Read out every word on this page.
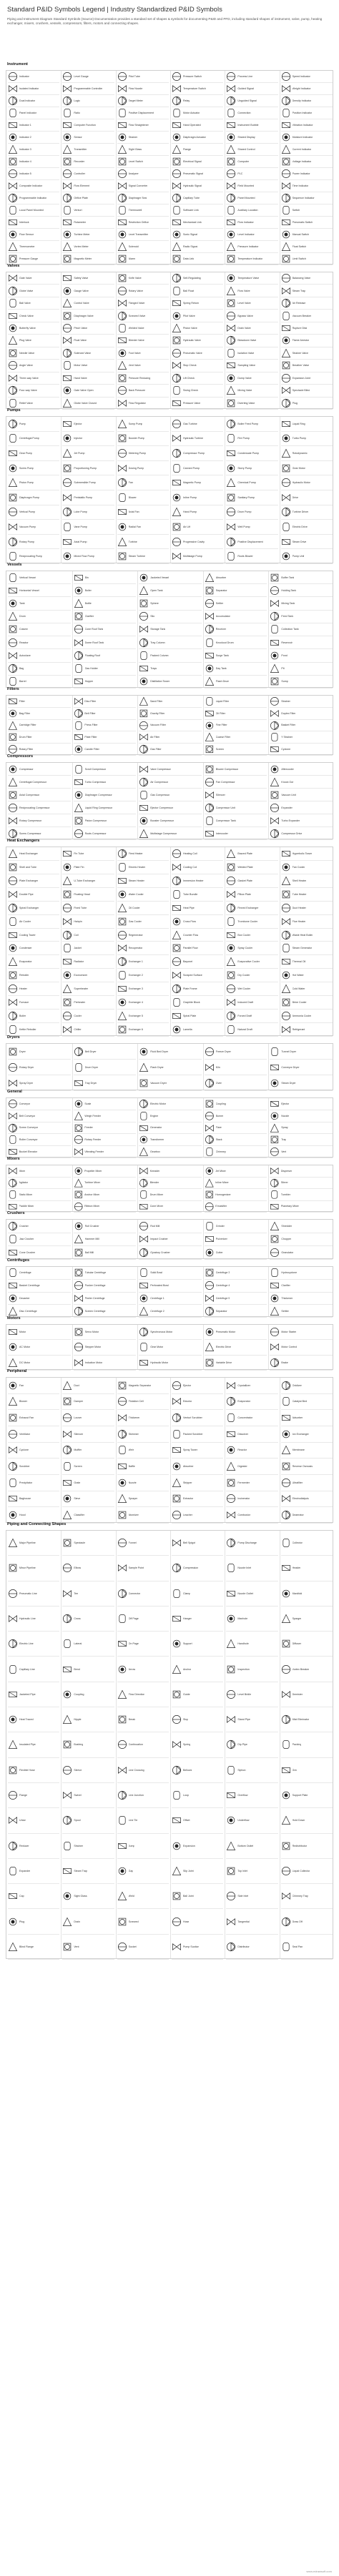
Standard P&ID Symbols Legend | Industry Standardized P&ID Symbols
Piping and Instrument Diagram Standard Symbols (Source) Documentation provides a standard set of shapes & symbols for documenting P&ID and PFD, including standard shapes of instrument, valve, pump, heating exchanger, mixers, crushers, vessels, compressors, filters, motors and connecting shapes.
Instrument
Indicator
Isolated Indicator
Dual Indicator
Panel Indicator
Indicator 1
Indicator 2
Indicator 3
Indicator 4
Indicator 5
Composite Indicator
Programmable Indicator
Local Panel Mounted
Interlock
Flow Sensor
Thermometer
Pressure Gauge
Level Gauge
Programmable Controller
Logic
Ratio
Computer Function
Sensor
Transmitter
Recorder
Controller
Flow Element
Orifice Plate
Venturi
Rotameter
Turbine Meter
Vortex Meter
Magnetic Meter
Pitot Tube
Flow Nozzle
Target Meter
Positive Displacement
Flow Straightener
Strainer
Sight Glass
Level Switch
Analyzer
Signal Converter
Diaphragm Seal
Thermowell
Restriction Orifice
Level Transmitter
Solenoid
Alarm
Pressure Switch
Temperature Switch
Relay
Motor Actuator
Hand Operated
Diaphragm Actuator
Flange
Electrical Signal
Pneumatic Signal
Hydraulic Signal
Capillary Tube
Software Link
Mechanical Link
Sonic Signal
Radio Signal
Data Link
Process Line
Guided Signal
Unguided Signal
Connection
Instrument Bubble
Shared Display
Shared Control
Computer
PLC
Field Mounted
Panel Mounted
Auxiliary Location
Flow Indicator
Level Indicator
Pressure Indicator
Temperature Indicator
Speed Indicator
Weight Indicator
Density Indicator
Position Indicator
Vibration Indicator
Moisture Indicator
Current Indicator
Voltage Indicator
Power Indicator
Time Indicator
Sequence Indicator
Switch
Pneumatic Switch
Manual Switch
Float Switch
Limit Switch
Valves
Gate Valve
Globe Valve
Ball Valve
Check Valve
Butterfly Valve
Plug Valve
Needle Valve
Angle Valve
Three-way Valve
Four-way Valve
Relief Valve
Safety Valve
Gauge Valve
Control Valve
Diaphragm Valve
Pinch Valve
Float Valve
Solenoid Valve
Motor Valve
Hand Valve
Gate Valve Open
Globe Valve Closed
Knife Valve
Rotary Valve
Flanged Valve
Screwed Valve
Welded Valve
Bleeder Valve
Foot Valve
Vent Valve
Pressure Reducing
Back Pressure
Flow Regulator
Self-Regulating
Ball Float
Spring Return
Pilot Valve
Piston Valve
Hydraulic Valve
Pneumatic Valve
Stop Check
Lift Check
Swing Check
Pressure Valve
Temperature Valve
Flow Valve
Level Valve
Bypass Valve
Drain Valve
Blowdown Valve
Isolation Valve
Sampling Valve
Dump Valve
Mixing Valve
Diverting Valve
Balancing Valve
Steam Trap
Air Release
Vacuum Breaker
Rupture Disk
Flame Arrestor
Strainer Valve
Breather Valve
Expansion Joint
Spectacle Blind
Plug
Pumps
Pump
Centrifugal Pump
Gear Pump
Screw Pump
Piston Pump
Diaphragm Pump
Vertical Pump
Vacuum Pump
Rotary Pump
Reciprocating Pump
Ejector
Injector
Jet Pump
Proportioning Pump
Submersible Pump
Peristaltic Pump
Lobe Pump
Vane Pump
Axial Pump
Mixed Flow Pump
Sump Pump
Booster Pump
Metering Pump
Dosing Pump
Fan
Blower
Axial Fan
Radial Fan
Turbine
Steam Turbine
Gas Turbine
Hydraulic Turbine
Compressor Pump
Canned Pump
Magnetic Pump
Inline Pump
Hand Pump
Air Lift
Progressive Cavity
Multistage Pump
Boiler Feed Pump
Fire Pump
Condensate Pump
Slurry Pump
Chemical Pump
Sanitary Pump
Drum Pump
Well Pump
Positive Displacement
Roots Blower
Liquid Ring
Turbo Pump
Rotodynamic
Gear Motor
Hydraulic Motor
Drive
Turbine Driver
Electric Drive
Steam Drive
Pump Unit
Vessels
Vertical Vessel
Horizontal Vessel
Tank
Drum
Column
Reactor
Autoclave
Bag
Barrel
Bin
Boiler
Bottle
Clarifier
Cone Roof Tank
Dome Roof Tank
Floating Roof
Gas Holder
Hopper
Jacketed Vessel
Open Tank
Sphere
Silo
Storage Tank
Tray Column
Packed Column
Trays
Distillation Tower
Absorber
Separator
Settler
Accumulator
Receiver
Knockout Drum
Surge Tank
Day Tank
Flash Drum
Buffer Tank
Holding Tank
Mixing Tank
Feed Tank
Collection Tank
Reservoir
Pond
Pit
Sump
Filters
Filter
Bag Filter
Cartridge Filter
Drum Filter
Rotary Filter
Disc Filter
Belt Filter
Press Filter
Plate Filter
Candle Filter
Sand Filter
Gravity Filter
Vacuum Filter
Air Filter
Gas Filter
Liquid Filter
Oil Filter
Fine Filter
Coarse Filter
Screen
Strainer
Duplex Filter
Basket Filter
Y Strainer
Cyclone
Compressors
Compressor
Centrifugal Compressor
Axial Compressor
Reciprocating Compressor
Rotary Compressor
Screw Compressor
Scroll Compressor
Turbo Compressor
Diaphragm Compressor
Liquid Ring Compressor
Piston Compressor
Roots Compressor
Vane Compressor
Air Compressor
Gas Compressor
Ejector Compressor
Booster Compressor
Multistage Compressor
Blower Compressor
Fan Compressor
Silencer
Compressor Unit
Compressor Tank
Intercooler
Aftercooler
Knock Out
Vacuum Unit
Expander
Turbo Expander
Compressor Drive
Heat Exchangers
Heat Exchanger
Shell and Tube
Plate Exchanger
Double Pipe
Spiral Exchanger
Air Cooler
Cooling Tower
Condenser
Evaporator
Reboiler
Heater
Furnace
Boiler
Kettle Reboiler
Fin Tube
Plate Fin
U-Tube Exchanger
Floating Head
Fixed Tube
Hairpin
Coil
Jacket
Radiator
Economizer
Superheater
Preheater
Cooler
Chiller
Fired Heater
Electric Heater
Steam Heater
Water Cooler
Oil Cooler
Gas Cooler
Regenerator
Recuperator
Exchanger 1
Exchanger 2
Exchanger 3
Exchanger 4
Exchanger 5
Exchanger 6
Heating Coil
Cooling Coil
Immersion Heater
Tube Bundle
Heat Pipe
Cross Flow
Counter Flow
Parallel Flow
Bayonet
Scraped Surface
Plate Frame
Graphite Block
Spiral Plate
Lamella
Brazed Plate
Welded Plate
Gasket Plate
Pillow Plate
Finned Exchanger
Trombone Cooler
Box Cooler
Spray Cooler
Evaporative Cooler
Dry Cooler
Wet Cooler
Induced Draft
Forced Draft
Natural Draft
Hyperbolic Tower
Fan Cooler
Shell Heater
Tube Heater
Duct Heater
Flue Heater
Waste Heat Boiler
Steam Generator
Thermal Oil
Hot Water
Cold Water
Brine Cooler
Ammonia Cooler
Refrigerant
Dryers
Dryer
Rotary Dryer
Spray Dryer
Belt Dryer
Drum Dryer
Tray Dryer
Fluid Bed Dryer
Flash Dryer
Vacuum Dryer
Freeze Dryer
Kiln
Oven
Tunnel Dryer
Conveyor Dryer
Steam Dryer
General
Conveyor
Belt Conveyor
Screw Conveyor
Roller Conveyor
Bucket Elevator
Scale
Weigh Feeder
Feeder
Rotary Feeder
Vibrating Feeder
Electric Motor
Engine
Generator
Transformer
Gearbox
Coupling
Burner
Flare
Stack
Chimney
Ejector
Nozzle
Spray
Trap
Vent
Mixers
Mixer
Agitator
Static Mixer
Paddle Mixer
Propeller Mixer
Turbine Mixer
Anchor Mixer
Ribbon Mixer
Kneader
Blender
Drum Mixer
Cone Mixer
Jet Mixer
Inline Mixer
Homogenizer
Emulsifier
Disperser
Stirrer
Tumbler
Planetary Mixer
Crushers
Crusher
Jaw Crusher
Cone Crusher
Roll Crusher
Hammer Mill
Ball Mill
Rod Mill
Impact Crusher
Gyratory Crusher
Grinder
Pulverizer
Cutter
Shredder
Chopper
Granulator
Centrifuges
Centrifuge
Basket Centrifuge
Decanter
Disc Centrifuge
Tubular Centrifuge
Pusher Centrifuge
Peeler Centrifuge
Screen Centrifuge
Solid Bowl
Perforated Bowl
Centrifuge 1
Centrifuge 2
Centrifuge 3
Centrifuge 4
Centrifuge 5
Separator
Hydrocyclone
Clarifier
Thickener
Settler
Motors
Motor
AC Motor
DC Motor
Servo Motor
Stepper Motor
Induction Motor
Synchronous Motor
Gear Motor
Hydraulic Motor
Pneumatic Motor
Electric Drive
Variable Drive
Motor Starter
Motor Control
Brake
Peripheral
Fan
Blower
Exhaust Fan
Ventilator
Cyclone
Scrubber
Precipitator
Baghouse
Hood
Duct
Damper
Louver
Silencer
Muffler
Screen
Grate
Sieve
Classifier
Magnetic Separator
Flotation Cell
Thickener
Skimmer
Weir
Baffle
Nozzle
Sprayer
Atomizer
Ejector
Eductor
Venturi Scrubber
Packed Scrubber
Spray Tower
Absorber
Stripper
Extractor
Leacher
Crystallizer
Evaporator
Concentrator
Dissolver
Reactor
Digester
Fermenter
Incinerator
Combustor
Oxidizer
Catalyst Bed
Adsorber
Ion Exchanger
Membrane
Reverse Osmosis
Ultrafilter
Electrodialysis
Deaerator
Piping and Connecting Shapes
Major Pipeline
Minor Pipeline
Pneumatic Line
Hydraulic Line
Electric Line
Capillary Line
Jacketed Pipe
Heat Traced
Insulated Pipe
Flexible Hose
Flange
Union
Reducer
Expander
Cap
Plug
Blind Flange
Spectacle
Elbow
Tee
Cross
Lateral
Bend
Coupling
Nipple
Bushing
Sleeve
Swivel
Spool
Strainer
Steam Trap
Sight Glass
Drain
Vent
Funnel
Sample Point
Connector
Off Page
On Page
Arrow
Flow Direction
Break
Continuation
Line Crossing
Line Junction
Line Tie
Jump
Gap
Weld
Screwed
Socket
Bell Spigot
Compression
Clamp
Hanger
Support
Anchor
Guide
Stop
Spring
Bellows
Loop
Offset
Expansion
Slip Joint
Ball Joint
Hose
Pump Suction
Pump Discharge
Nozzle Inlet
Nozzle Outlet
Manhole
Handhole
Inspection
Level Bridle
Stand Pipe
Dip Pipe
Siphon
Overflow
Underflow
Bottom Outlet
Top Inlet
Side Inlet
Tangential
Distributor
Collector
Header
Manifold
Sparger
Diffuser
Vortex Breaker
Demister
Mist Eliminator
Packing
Grid
Support Plate
Hold Down
Redistributor
Liquid Collector
Chimney Tray
Draw Off
Seal Pan
www.edrawsoft.com
